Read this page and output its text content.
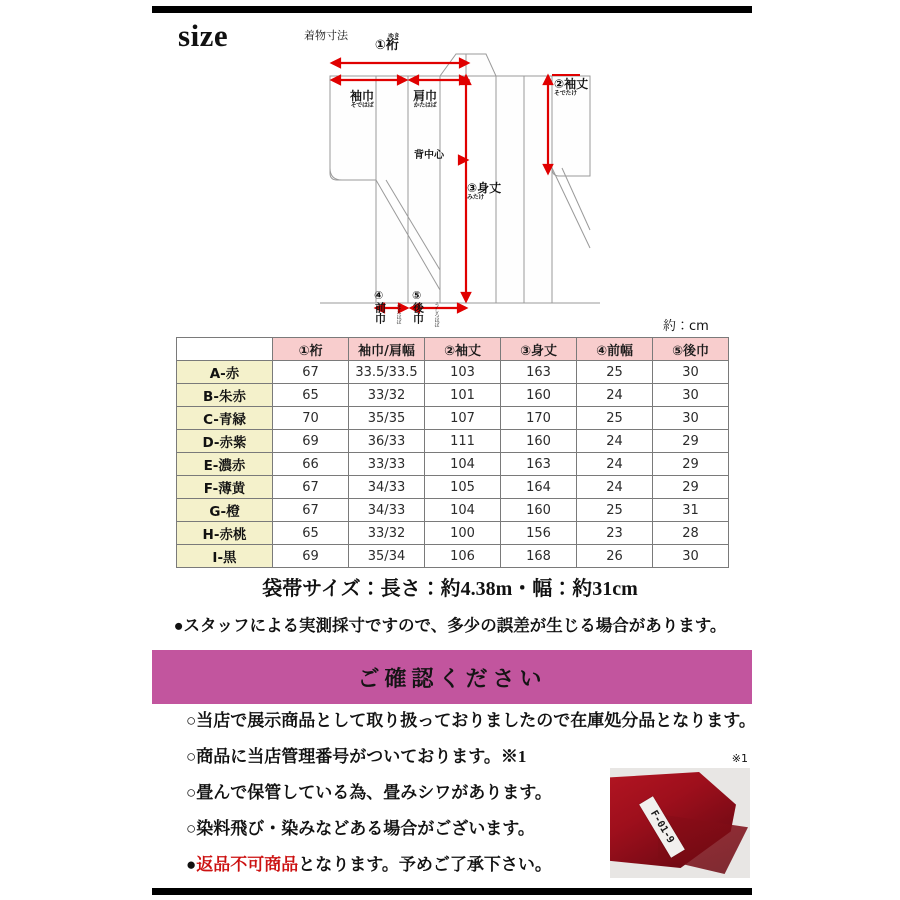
size	着物寸法	ゆき
①裄
袖巾
そではば
肩巾
かたはば
②袖丈
そでたけ
背中心
③身丈
みたけ
④
前巾 まえはば
⑤
後巾 うしろはば	約：cm
	①裄	袖巾/肩幅	②袖丈	③身丈	④前幅	⑤後巾
A-赤	67	33.5/33.5	103	163	25	30
B-朱赤	65	33/32	101	160	24	30
C-青緑	70	35/35	107	170	25	30
D-赤紫	69	36/33	111	160	24	29
E-濃赤	66	33/33	104	163	24	29
F-薄黄	67	34/33	105	164	24	29
G-橙	67	34/33	104	160	25	31
H-赤桃	65	33/32	100	156	23	28
I-黒	69	35/34	106	168	26	30
袋帯サイズ：長さ：約4.38m・幅：約31cm
●スタッフによる実測採寸ですので、多少の誤差が生じる場合があります。
ご確認ください
○当店で展示商品として取り扱っておりましたので在庫処分品となります。
○商品に当店管理番号がついております。※1
○畳んで保管している為、畳みシワがあります。
○染料飛び・染みなどある場合がございます。
●返品不可商品となります。予めご了承下さい。
※1
F-01-9
